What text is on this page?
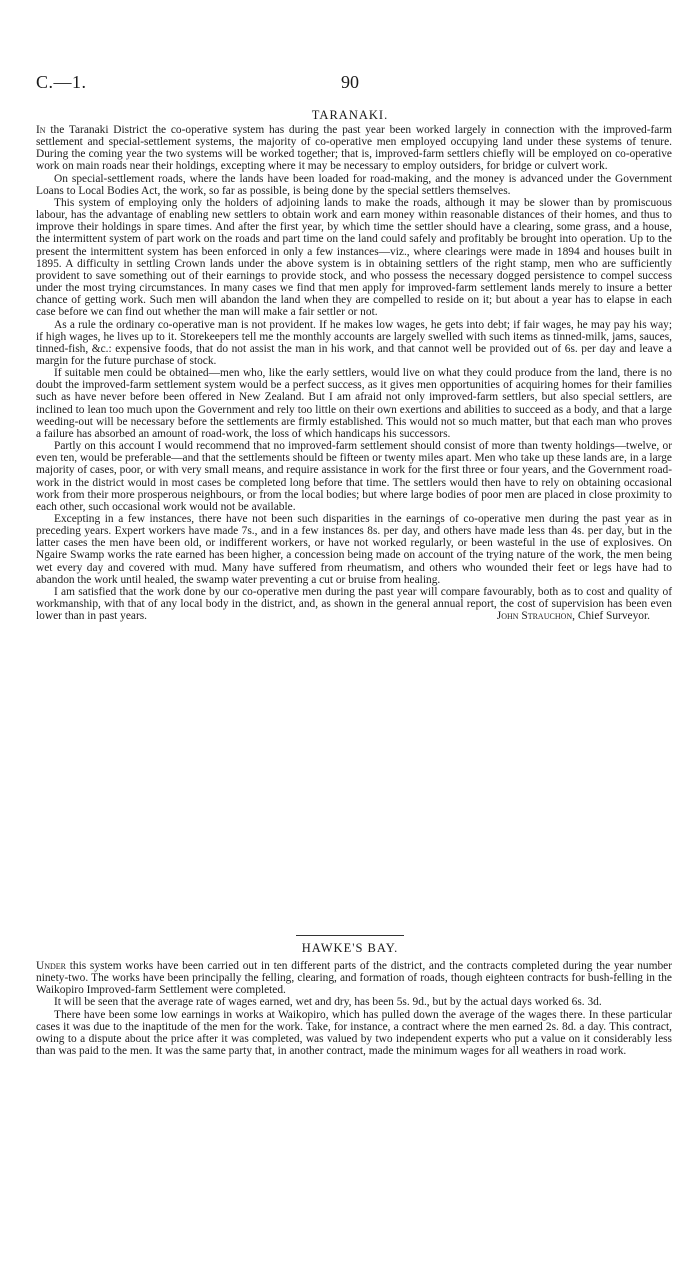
C.—1.	90
TARANAKI.

In the Taranaki District the co-operative system has during the past year been worked largely in connection with the improved-farm settlement and special-settlement systems, the majority of co-operative men employed occupying land under these systems of tenure. During the coming year the two systems will be worked together; that is, improved-farm settlers chiefly will be employed on co-operative work on main roads near their holdings, excepting where it may be necessary to employ outsiders, for bridge or culvert work.

On special-settlement roads, where the lands have been loaded for road-making, and the money is advanced under the Government Loans to Local Bodies Act, the work, so far as possible, is being done by the special settlers themselves.

This system of employing only the holders of adjoining lands to make the roads, although it may be slower than by promiscuous labour, has the advantage of enabling new settlers to obtain work and earn money within reasonable distances of their homes, and thus to improve their holdings in spare times. And after the first year, by which time the settler should have a clearing, some grass, and a house, the intermittent system of part work on the roads and part time on the land could safely and profitably be brought into operation. Up to the present the intermittent system has been enforced in only a few instances—viz., where clearings were made in 1894 and houses built in 1895. A difficulty in settling Crown lands under the above system is in obtaining settlers of the right stamp, men who are sufficiently provident to save something out of their earnings to provide stock, and who possess the necessary dogged persistence to compel success under the most trying circumstances. In many cases we find that men apply for improved-farm settlement lands merely to insure a better chance of getting work. Such men will abandon the land when they are compelled to reside on it; but about a year has to elapse in each case before we can find out whether the man will make a fair settler or not.

As a rule the ordinary co-operative man is not provident. If he makes low wages, he gets into debt; if fair wages, he may pay his way; if high wages, he lives up to it. Storekeepers tell me the monthly accounts are largely swelled with such items as tinned-milk, jams, sauces, tinned-fish, &c.: expensive foods, that do not assist the man in his work, and that cannot well be provided out of 6s. per day and leave a margin for the future purchase of stock.

If suitable men could be obtained—men who, like the early settlers, would live on what they could produce from the land, there is no doubt the improved-farm settlement system would be a perfect success, as it gives men opportunities of acquiring homes for their families such as have never before been offered in New Zealand. But I am afraid not only improved-farm settlers, but also special settlers, are inclined to lean too much upon the Government and rely too little on their own exertions and abilities to succeed as a body, and that a large weeding-out will be necessary before the settlements are firmly established. This would not so much matter, but that each man who proves a failure has absorbed an amount of road-work, the loss of which handicaps his successors.

Partly on this account I would recommend that no improved-farm settlement should consist of more than twenty holdings—twelve, or even ten, would be preferable—and that the settlements should be fifteen or twenty miles apart. Men who take up these lands are, in a large majority of cases, poor, or with very small means, and require assistance in work for the first three or four years, and the Government road-work in the district would in most cases be completed long before that time. The settlers would then have to rely on obtaining occasional work from their more prosperous neighbours, or from the local bodies; but where large bodies of poor men are placed in close proximity to each other, such occasional work would not be available.

Excepting in a few instances, there have not been such disparities in the earnings of co-operative men during the past year as in preceding years. Expert workers have made 7s., and in a few instances 8s. per day, and others have made less than 4s. per day, but in the latter cases the men have been old, or indifferent workers, or have not worked regularly, or been wasteful in the use of explosives. On Ngaire Swamp works the rate earned has been higher, a concession being made on account of the trying nature of the work, the men being wet every day and covered with mud. Many have suffered from rheumatism, and others who wounded their feet or legs have had to abandon the work until healed, the swamp water preventing a cut or bruise from healing.

I am satisfied that the work done by our co-operative men during the past year will compare favourably, both as to cost and quality of workmanship, with that of any local body in the district, and, as shown in the general annual report, the cost of supervision has been even lower than in past years.	John Strauchon, Chief Surveyor.

HAWKE'S BAY.

Under this system works have been carried out in ten different parts of the district, and the contracts completed during the year number ninety-two. The works have been principally the felling, clearing, and formation of roads, though eighteen contracts for bush-felling in the Waikopiro Improved-farm Settlement were completed.

It will be seen that the average rate of wages earned, wet and dry, has been 5s. 9d., but by the actual days worked 6s. 3d.

There have been some low earnings in works at Waikopiro, which has pulled down the average of the wages there. In these particular cases it was due to the inaptitude of the men for the work. Take, for instance, a contract where the men earned 2s. 8d. a day. This contract, owing to a dispute about the price after it was completed, was valued by two independent experts who put a value on it considerably less than was paid to the men. It was the same party that, in another contract, made the minimum wages for all weathers in road work.
